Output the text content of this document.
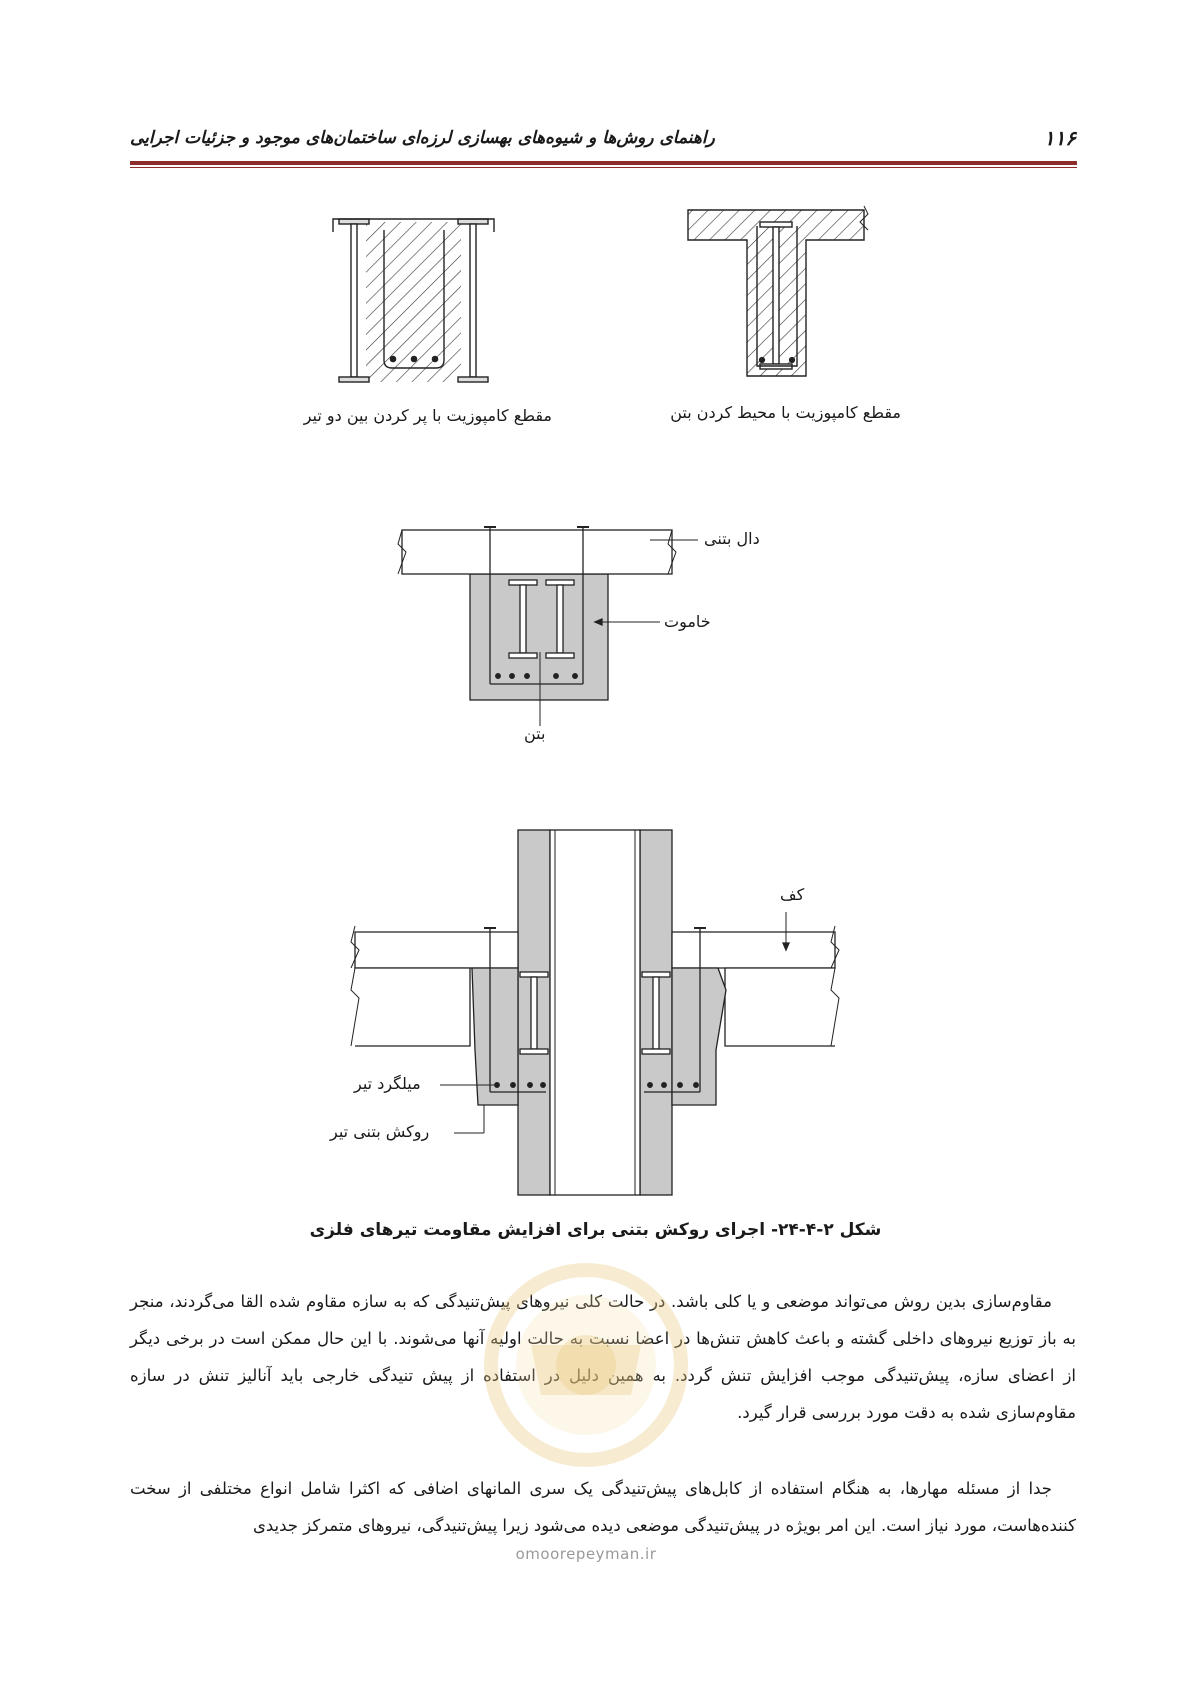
۱۱۶
راهنمای روش‌ها و شیوه‌های بهسازی لرزه‌ای ساختمان‌های موجود و جزئیات اجرایی
مقطع کامپوزیت با پر کردن بین دو تیر	مقطع کامپوزیت با محیط کردن بتن
دال بتنی
خاموت
بتن
کف
میلگرد تیر
روکش بتنی تیر
شکل ۲-۴-۲۴- اجرای روکش بتنی برای افزایش مقاومت تیرهای فلزی
مقاوم‌سازی بدین روش می‌تواند موضعی و یا کلی باشد. در حالت کلی نیروهای پیش‌تنیدگی که به سازه مقاوم شده القا می‌گردند، منجر به باز توزیع نیروهای داخلی گشته و باعث کاهش تنش‌ها در اعضا نسبت به حالت اولیه آنها می‌شوند. با این حال ممکن است در برخی دیگر از اعضای سازه، پیش‌تنیدگی موجب افزایش تنش گردد. به همین دلیل در استفاده از پیش تنیدگی خارجی باید آنالیز تنش در سازه مقاوم‌سازی شده به دقت مورد بررسی قرار گیرد.
جدا از مسئله مهارها، به هنگام استفاده از کابل‌های پیش‌تنیدگی یک سری المانهای اضافی که اکثرا شامل انواع مختلفی از سخت کننده‌هاست، مورد نیاز است. این امر بویژه در پیش‌تنیدگی موضعی دیده می‌شود زیرا پیش‌تنیدگی، نیروهای متمرکز جدیدی
omoorepeyman.ir
